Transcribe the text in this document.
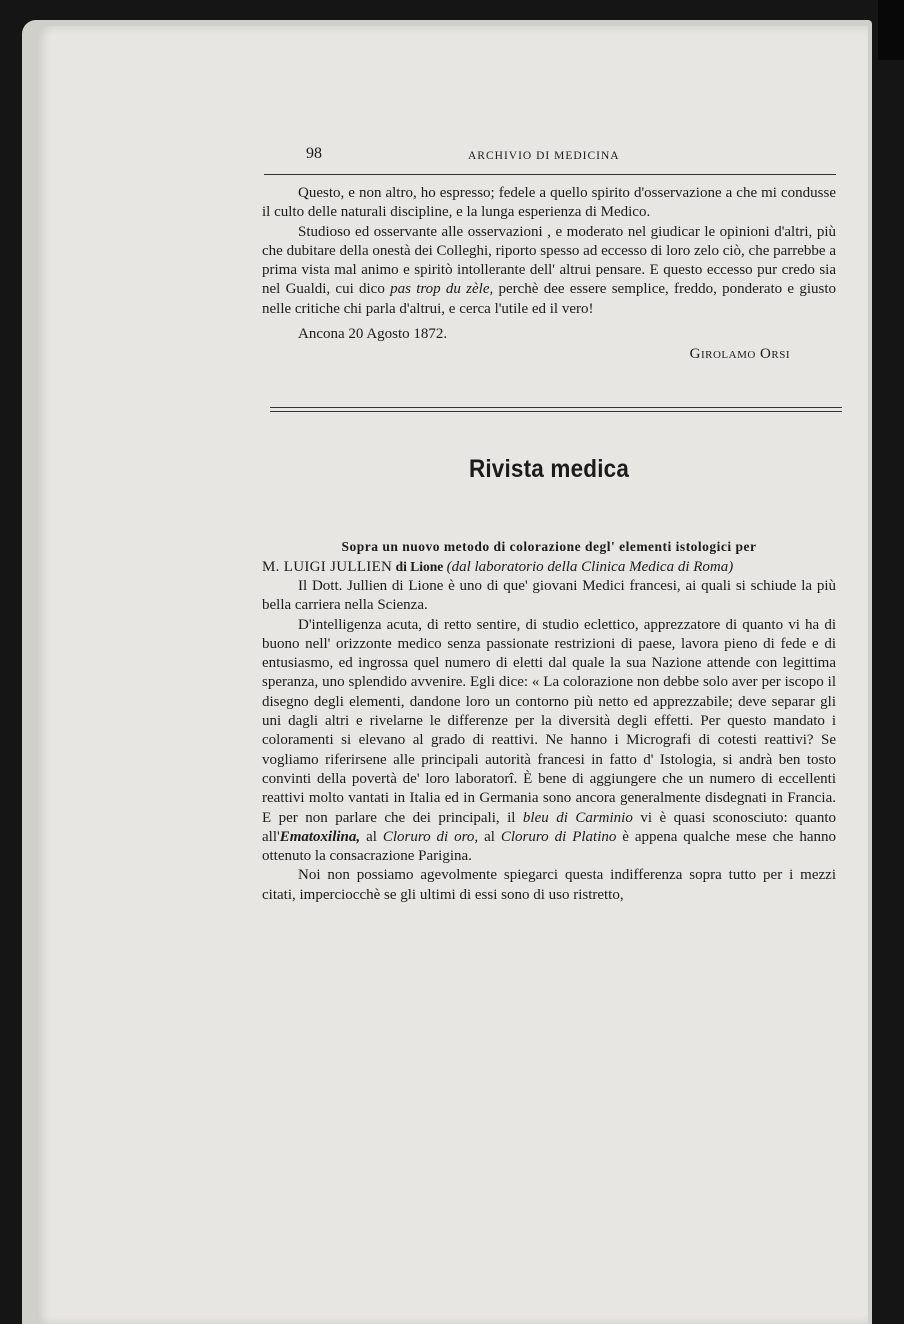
98	ARCHIVIO DI MEDICINA

Questo, e non altro, ho espresso; fedele a quello spirito d'osservazione a che mi condusse il culto delle naturali discipline, e la lunga esperienza di Medico.

Studioso ed osservante alle osservazioni , e moderato nel giudicar le opinioni d'altri, più che dubitare della onestà dei Colleghi, riporto spesso ad eccesso di loro zelo ciò, che parrebbe a prima vista mal animo e spiritò intollerante dell' altrui pensare. E questo eccesso pur credo sia nel Gualdi, cui dico pas trop du zèle, perchè dee essere semplice, freddo, ponderato e giusto nelle critiche chi parla d'altrui, e cerca l'utile ed il vero!

Ancona 20 Agosto 1872.
Girolamo Orsi
Rivista medica
Sopra un nuovo metodo di colorazione degl' elementi istologici per

M. LUIGI JULLIEN di Lione (dal laboratorio della Clinica Medica di Roma)

Il Dott. Jullien di Lione è uno di que' giovani Medici francesi, ai quali si schiude la più bella carriera nella Scienza.

D'intelligenza acuta, di retto sentire, di studio eclettico, apprezzatore di quanto vi ha di buono nell' orizzonte medico senza passionate restrizioni di paese, lavora pieno di fede e di entusiasmo, ed ingrossa quel numero di eletti dal quale la sua Nazione attende con legittima speranza, uno splendido avvenire. Egli dice: « La colorazione non debbe solo aver per iscopo il disegno degli elementi, dandone loro un contorno più netto ed apprezzabile; deve separar gli uni dagli altri e rivelarne le differenze per la diversità degli effetti. Per questo mandato i coloramenti si elevano al grado di reattivi. Ne hanno i Micrografi di cotesti reattivi? Se vogliamo riferirsene alle principali autorità francesi in fatto d' Istologia, si andrà ben tosto convinti della povertà de' loro laboratorî. È bene di aggiungere che un numero di eccellenti reattivi molto vantati in Italia ed in Germania sono ancora generalmente disdegnati in Francia. E per non parlare che dei principali, il bleu di Carminio vi è quasi sconosciuto: quanto all'Ematoxilina, al Cloruro di oro, al Cloruro di Platino è appena qualche mese che hanno ottenuto la consacrazione Parigina.

Noi non possiamo agevolmente spiegarci questa indifferenza sopra tutto per i mezzi citati, imperciocchè se gli ultimi di essi sono di uso ristretto,
